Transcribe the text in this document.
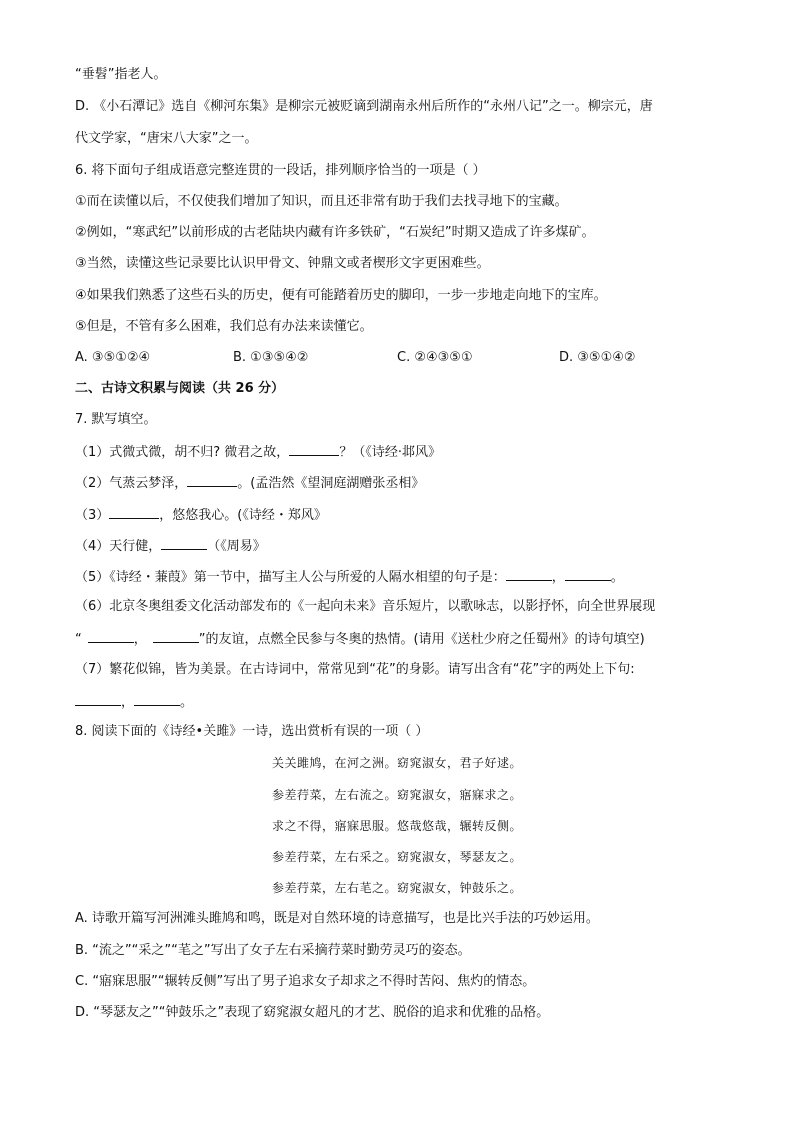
“垂髫”指老人。
D. 《小石潭记》选自《柳河东集》是柳宗元被贬谪到湖南永州后所作的“永州八记”之一。柳宗元，唐
代文学家，“唐宋八大家”之一。
6. 将下面句子组成语意完整连贯的一段话，排列顺序恰当的一项是（ ）
①而在读懂以后，不仅使我们增加了知识，而且还非常有助于我们去找寻地下的宝藏。
②例如，“寒武纪”以前形成的古老陆块内藏有许多铁矿，“石炭纪”时期又造成了许多煤矿。
③当然，读懂这些记录要比认识甲骨文、钟鼎文或者楔形文字更困难些。
④如果我们熟悉了这些石头的历史，便有可能踏着历史的脚印，一步一步地走向地下的宝库。
⑤但是，不管有多么困难，我们总有办法来读懂它。
A. ③⑤①②④	B. ①③⑤④②	C. ②④③⑤①	D. ③⑤①④②
二、古诗文积累与阅读（共 26 分）
7. 默写填空。
（1）式微式微，胡不归? 微君之故，	？（《诗经·邶风》
（2）气蒸云梦泽，	。(孟浩然《望洞庭湖赠张丞相》
（3）	，悠悠我心。(《诗经・郑风》
（4）天行健，	（《周易》
（5）《诗经・蒹葭》第一节中，描写主人公与所爱的人隔水相望的句子是：	，	。
（6）北京冬奥组委文化活动部发布的《一起向未来》音乐短片，以歌咏志，以影抒怀，向全世界展现
“	，	”的友谊，点燃全民参与冬奥的热情。(请用《送杜少府之任蜀州》的诗句填空)
（7）繁花似锦，皆为美景。在古诗词中，常常见到“花”的身影。请写出含有“花”字的两处上下句:
，	。
8. 阅读下面的《诗经•关雎》一诗，选出赏析有误的一项（ ）
关关雎鸠，在河之洲。窈窕淑女，君子好逑。
参差荇菜，左右流之。窈窕淑女，寤寐求之。
求之不得，寤寐思服。悠哉悠哉，辗转反侧。
参差荇菜，左右采之。窈窕淑女，琴瑟友之。
参差荇菜，左右芼之。窈窕淑女，钟鼓乐之。
A. 诗歌开篇写河洲滩头雎鸠和鸣，既是对自然环境的诗意描写，也是比兴手法的巧妙运用。
B. “流之”“采之”“芼之”写出了女子左右采摘荇菜时勤劳灵巧的姿态。
C. “寤寐思服”“辗转反侧”写出了男子追求女子却求之不得时苦闷、焦灼的情态。
D. “琴瑟友之”“钟鼓乐之”表现了窈窕淑女超凡的才艺、脱俗的追求和优雅的品格。
